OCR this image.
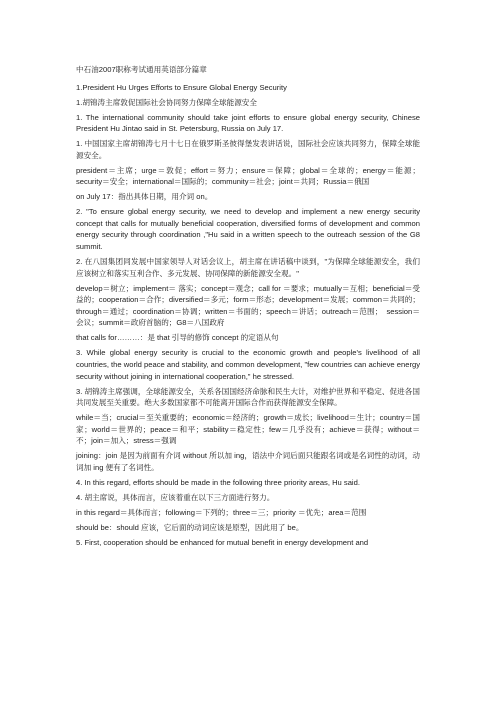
中石油2007职称考试通用英语部分篇章
1.President Hu Urges Efforts to Ensure Global Energy Security
1.胡锦涛主席敦促国际社会协同努力保障全球能源安全
1. The international community should take joint efforts to ensure global energy security, Chinese President Hu Jintao said in St. Petersburg, Russia on July 17.
1. 中国国家主席胡锦涛七月十七日在俄罗斯圣彼得堡发表讲话说，国际社会应该共同努力，保障全球能源安全。
president＝主席；urge＝敦促；effort＝努力；ensure＝保障；global＝全球的；energy＝能源；security＝安全；international＝国际的；community＝社会；joint＝共同；Russia＝俄国
on July 17：指出具体日期，用介词 on。
2. "To ensure global energy security, we need to develop and implement a new energy security concept that calls for mutually beneficial cooperation, diversified forms of development and common energy security through coordination ,"Hu said in a written speech to the outreach session of the G8 summit.
2. 在八国集团同发展中国家领导人对话会议上，胡主席在讲话稿中谈到，"为保障全球能源安全，我们应该树立和落实互利合作、多元发展、协同保障的新能源安全观。"
develop＝树立；implement＝ 落实；concept＝观念；call for ＝要求；mutually＝互相；beneficial＝受益的；cooperation＝合作；diversified＝多元；form＝形态；development＝发展；common＝共同的；through＝通过；coordination＝协调；written＝书面的；speech＝讲话；outreach＝范围；　session＝会议；summit＝政府首脑的；G8＝八国政府
that calls for………：是 that 引导的修饰 concept 的定语从句
3. While global energy security is crucial to the economic growth and people's livelihood of all countries, the world peace and stability, and common development, "few countries can achieve energy security without joining in international cooperation," he stressed.
3. 胡锦涛主席强调，全球能源安全，关系各国国经济命脉和民生大计，对维护世界和平稳定、促进各国共同发展至关重要。绝大多数国家都不可能离开国际合作而获得能源安全保障。
while＝当；crucial＝至关重要的；economic＝经济的；growth＝成长；livelihood＝生计；country＝国家；world＝世界的；peace＝和平；stability＝稳定性；few＝几乎没有；achieve＝获得；without＝不；join＝加入；stress＝强调
joining：join 是因为前面有介词 without 所以加 ing，语法中介词后面只能跟名词或是名词性的动词，动词加 ing 便有了名词性。
4. In this regard, efforts should be made in the following three priority areas, Hu said.
4. 胡主席说，具体而言，应该着重在以下三方面进行努力。
in this regard＝具体而言；following＝下列的；three＝三；priority ＝优先；area＝范围
should be：should 应该，它后面的动词应该是原型，因此用了 be。
5. First, cooperation should be enhanced for mutual benefit in energy development and
